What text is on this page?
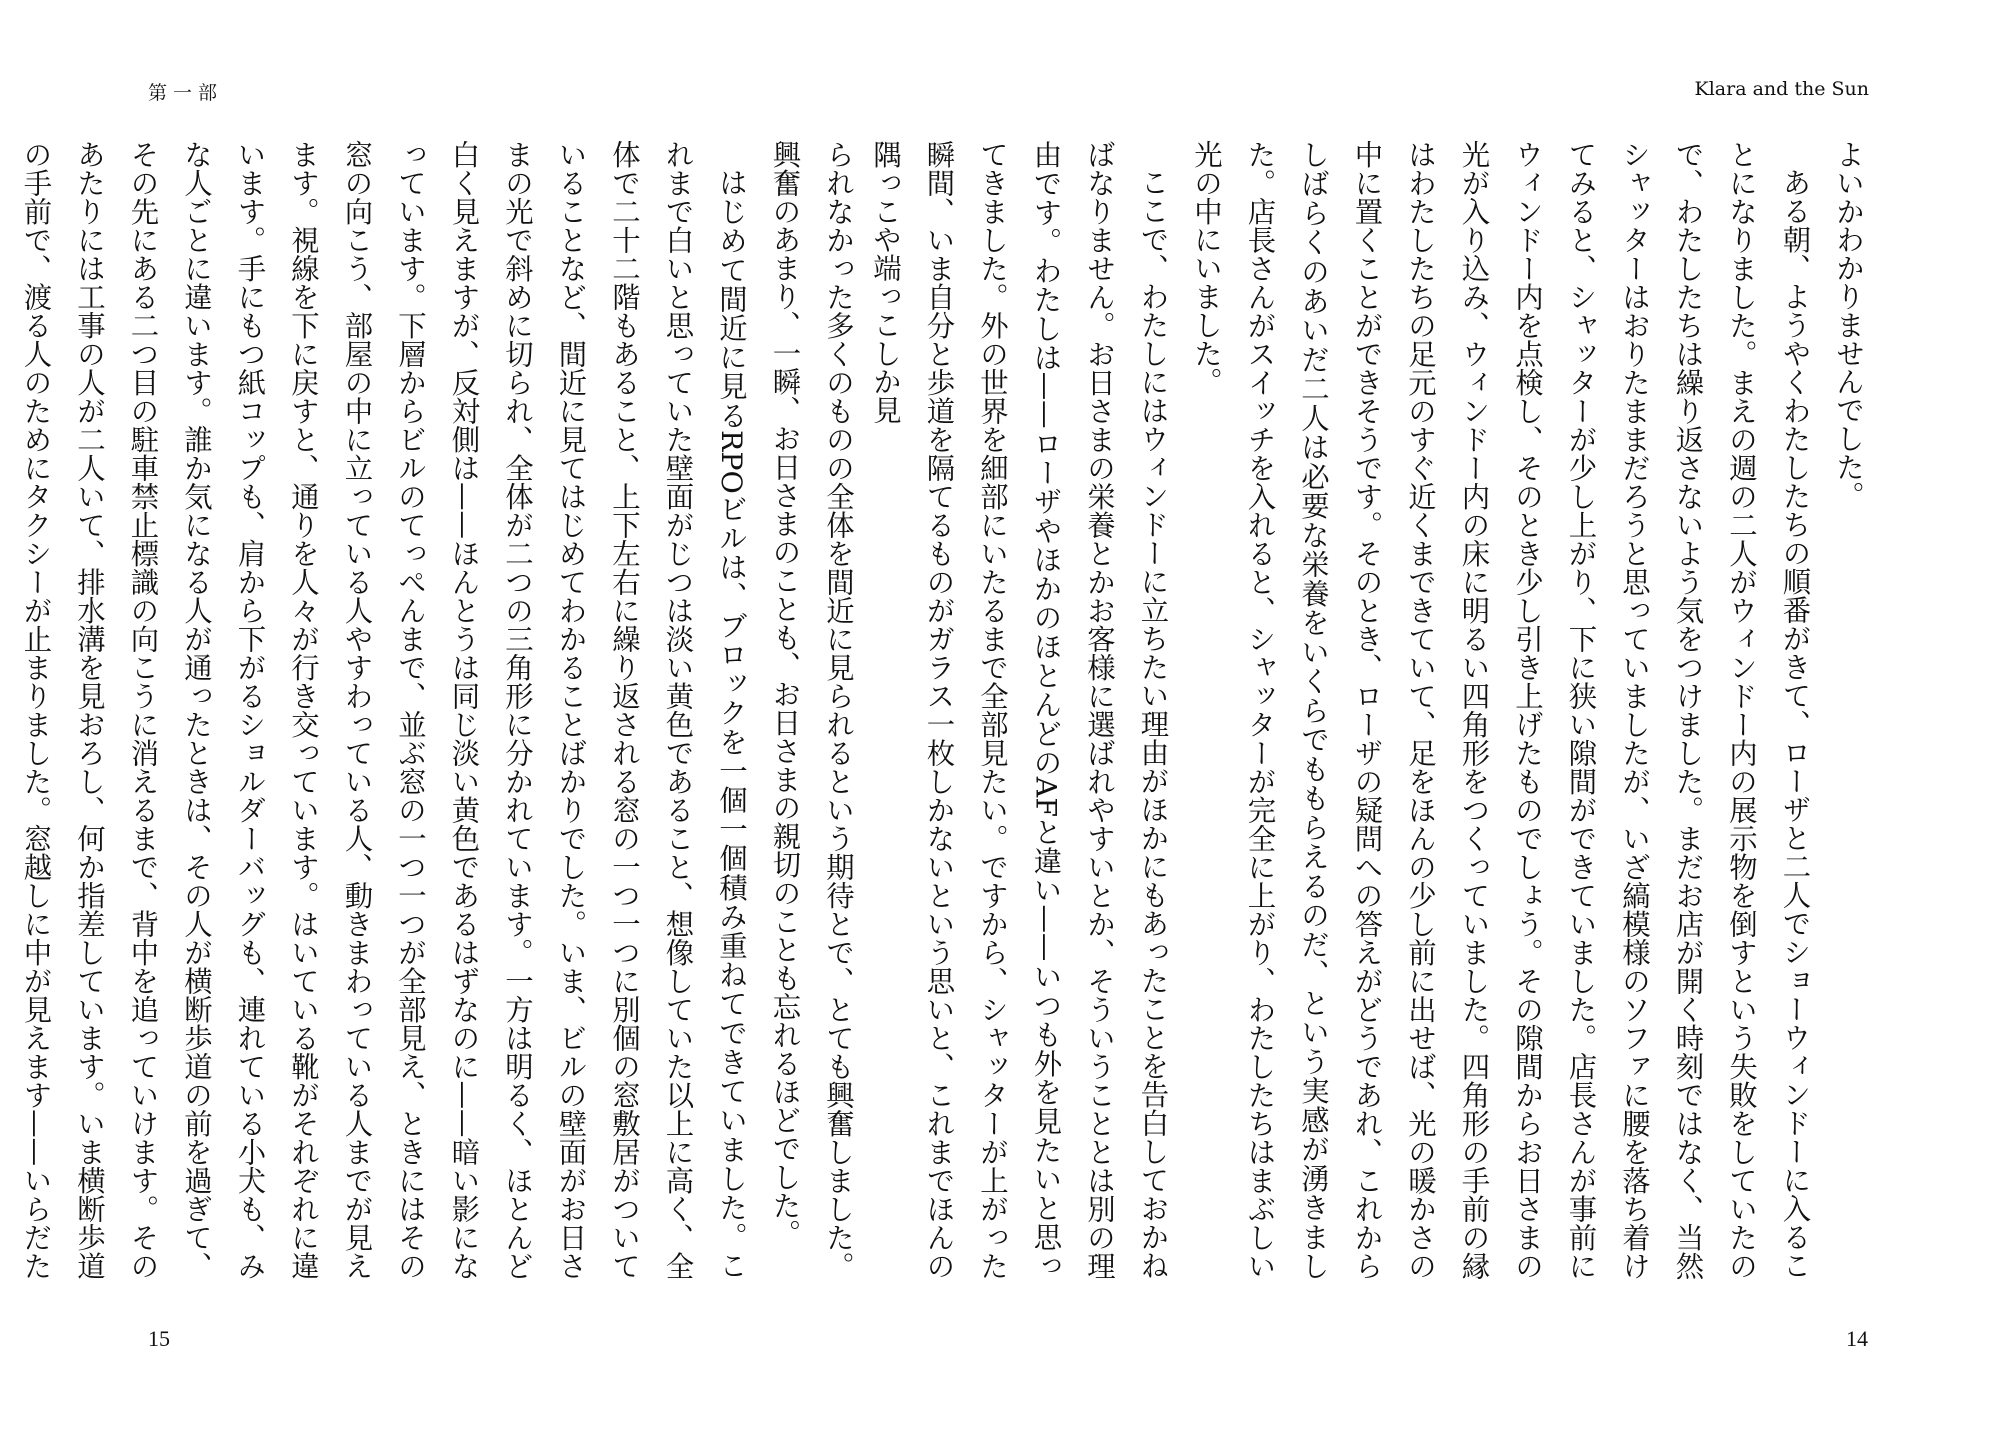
第一部
られなかった多くのものの全体を間近に見られるという期待とで、とても興奮しました。興奮のあまり、一瞬、お日さまのことも、お日さまの親切のことも忘れるほどでした。
はじめて間近に見るRPOビルは、ブロックを一個一個積み重ねてできていました。これまで白いと思っていた壁面がじつは淡い黄色であること、想像していた以上に高く、全体で二十二階もあること、上下左右に繰り返される窓の一つ一つに別個の窓敷居がついていることなど、間近に見てはじめてわかることばかりでした。いま、ビルの壁面がお日さまの光で斜めに切られ、全体が二つの三角形に分かれています。一方は明るく、ほとんど白く見えますが、反対側は——ほんとうは同じ淡い黄色であるはずなのに——暗い影になっています。下層からビルのてっぺんまで、並ぶ窓の一つ一つが全部見え、ときにはその窓の向こう、部屋の中に立っている人やすわっている人、動きまわっている人までが見えます。視線を下に戻すと、通りを人々が行き交っています。はいている靴がそれぞれに違います。手にもつ紙コップも、肩から下がるショルダーバッグも、連れている小犬も、みな人ごとに違います。誰か気になる人が通ったときは、その人が横断歩道の前を過ぎて、その先にある二つ目の駐車禁止標識の向こうに消えるまで、背中を追っていけます。そのあたりには工事の人が二人いて、排水溝を見おろし、何か指差しています。いま横断歩道の手前で、渡る人のためにタクシーが止まりました。窓越しに中が見えます——いらだた
15
Klara and the Sun
よいかわかりませんでした。
ある朝、ようやくわたしたちの順番がきて、ローザと二人でショーウィンドーに入ることになりました。まえの週の二人がウィンドー内の展示物を倒すという失敗をしていたので、わたしたちは繰り返さないよう気をつけました。まだお店が開く時刻ではなく、当然シャッターはおりたままだろうと思っていましたが、いざ縞模様のソファに腰を落ち着けてみると、シャッターが少し上がり、下に狭い隙間ができていました。店長さんが事前にウィンドー内を点検し、そのとき少し引き上げたものでしょう。その隙間からお日さまの光が入り込み、ウィンドー内の床に明るい四角形をつくっていました。四角形の手前の縁はわたしたちの足元のすぐ近くまできていて、足をほんの少し前に出せば、光の暖かさの中に置くことができそうです。そのとき、ローザの疑問への答えがどうであれ、これからしばらくのあいだ二人は必要な栄養をいくらでももらえるのだ、という実感が湧きました。店長さんがスイッチを入れると、シャッターが完全に上がり、わたしたちはまぶしい光の中にいました。
ここで、わたしにはウィンドーに立ちたい理由がほかにもあったことを告白しておかねばなりません。お日さまの栄養とかお客様に選ばれやすいとか、そういうこととは別の理由です。わたしは——ローザやほかのほとんどのAFと違い——いつも外を見たいと思ってきました。外の世界を細部にいたるまで全部見たい。ですから、シャッターが上がった瞬間、いま自分と歩道を隔てるものがガラス一枚しかないという思いと、これまでほんの隅っこや端っこしか見
14
